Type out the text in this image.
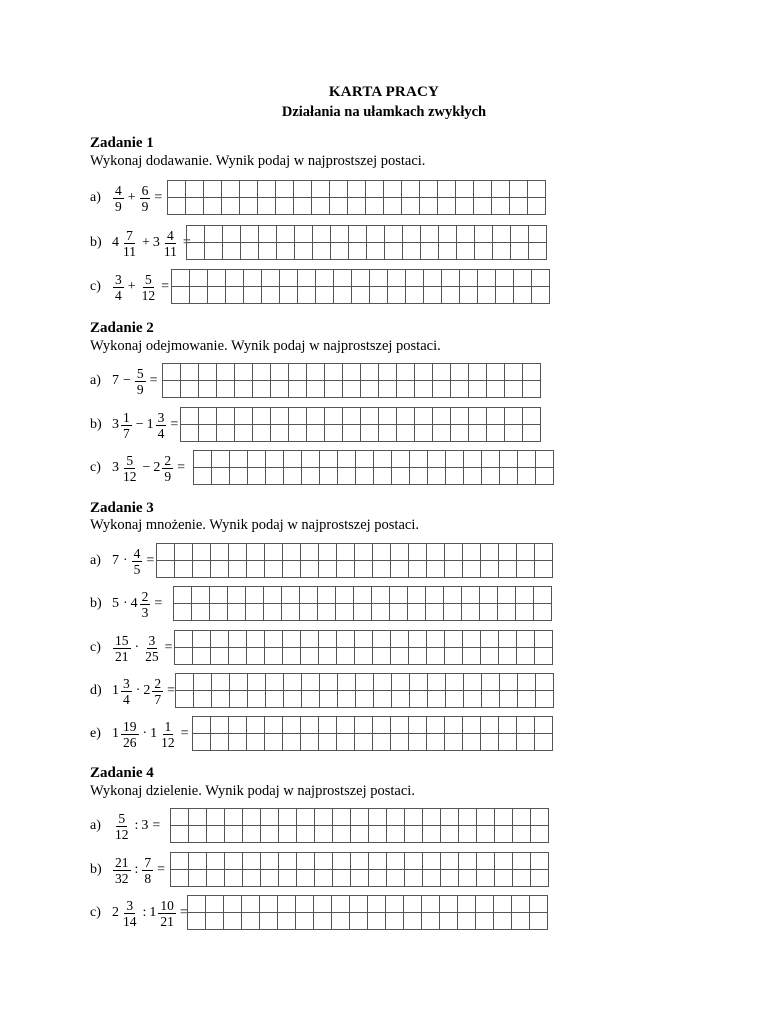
KARTA PRACY
Działania na ułamkach zwykłych
Zadanie 1
Wykonaj dodawanie. Wynik podaj w najprostszej postaci.
$a) \frac{4}{9} + \frac{6}{9}$ =
b) $4 \frac{7}{11} + 3 \frac{4}{11}$ =
$c) \frac{3}{4} + \frac{5}{12}$ =
Zadanie 2
Wykonaj odejmowanie. Wynik podaj w najprostszej postaci.
a) $7 - \frac{5}{9}$ =
b) $3 \frac{1}{7} - 1 \frac{3}{4}$ =
c) $3 \frac{5}{12} - 2 \frac{2}{9}$ =
Zadanie 3
Wykonaj mnożenie. Wynik podaj w najprostszej postaci.
a) $7 \cdot \frac{4}{5}$ =
b) $5 \cdot 4 \frac{2}{3}$ =
$c) \frac{15}{21} \cdot \frac{3}{25}$ =
d) $1 \frac{3}{4} \cdot 2 \frac{2}{7}$ =
e) $1 \frac{19}{26} \cdot 1 \frac{1}{12}$ =
Zadanie 4
Wykonaj dzielenie. Wynik podaj w najprostszej postaci.
$a) \frac{5}{12}$ : 3 =
$b) \frac{21}{32}$ : $\frac{7}{8}$ =
c) $2 \frac{3}{14}$ : $1 \frac{10}{21}$ =
